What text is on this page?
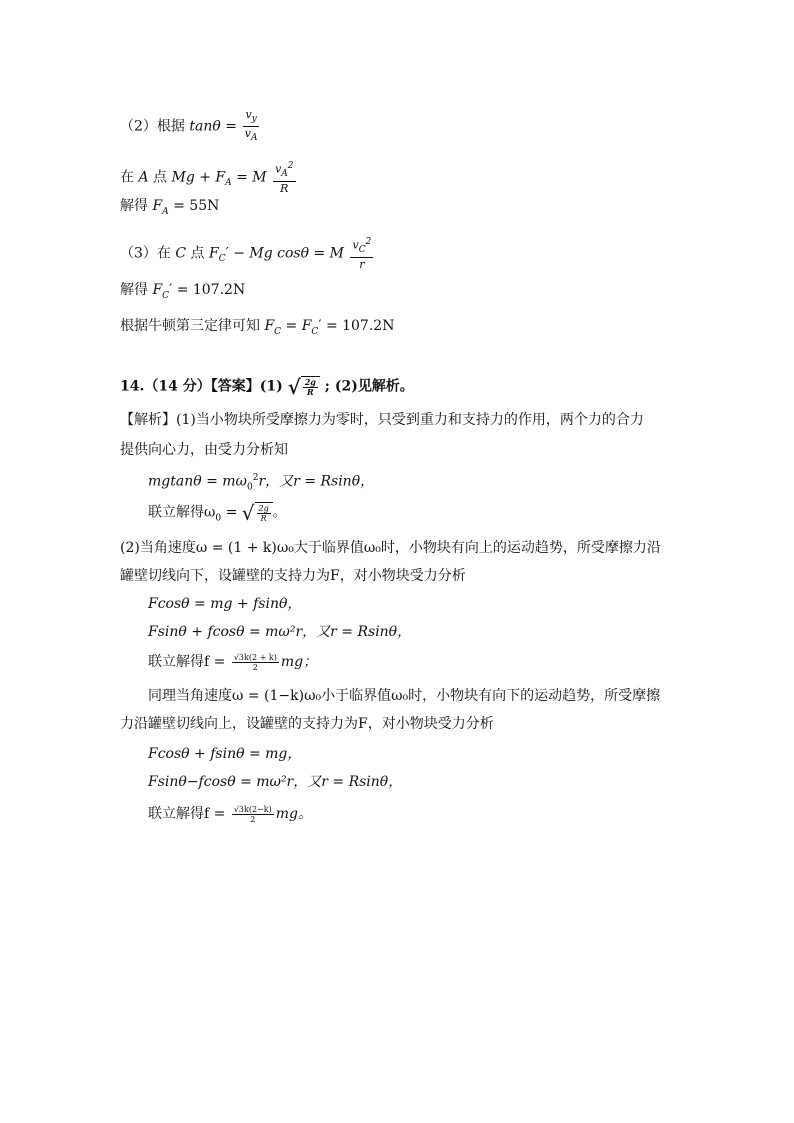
（2）根据 $\tan\theta = \frac{v_y}{v_A}$
在 A 点 $Mg + F_A = M \frac{v_A^2}{R}$
解得 $F_A = 55N$
（3）在 C 点 $F_C' - Mg$ cosθ = M $\frac{v_C^2}{r}$
解得 $F_C' = 107.2N$
根据牛顿第三定律可知 $F_C = F_C' = 107.2N$
14.（14 分）【答案】(1) √ $\frac{2g}{R}$ ; (2)见解析。
【解析】(1)当小物块所受摩擦力为零时，只受到重力和支持力的作用，两个力的合力
提供向心力，由受力分析知
$mgtan\theta = m\omega_0^2r$，又r = Rsinθ，
联立解得$\omega_0$ = √ $\frac{2g}{R}$ 。
(2)当角速度ω = (1 + k)ω₀大于临界值ω₀时，小物块有向上的运动趋势，所受摩擦力沿
罐壁切线向下，设罐壁的支持力为F，对小物块受力分析
Fcosθ = mg + fsinθ，
Fsinθ + fcosθ = mω²r，又r = Rsinθ，
联立解得$f = \frac{√3k(2 + k)}{2}$ mg；
同理当角速度ω = (1−k)ω₀小于临界值ω₀时，小物块有向下的运动趋势，所受摩擦
力沿罐壁切线向上，设罐壁的支持力为F，对小物块受力分析
Fcosθ + fsinθ = mg，
Fsinθ−fcosθ = mω²r，又r = Rsinθ，
联立解得$f = \frac{√3k(2-k)}{2}$ mg。
